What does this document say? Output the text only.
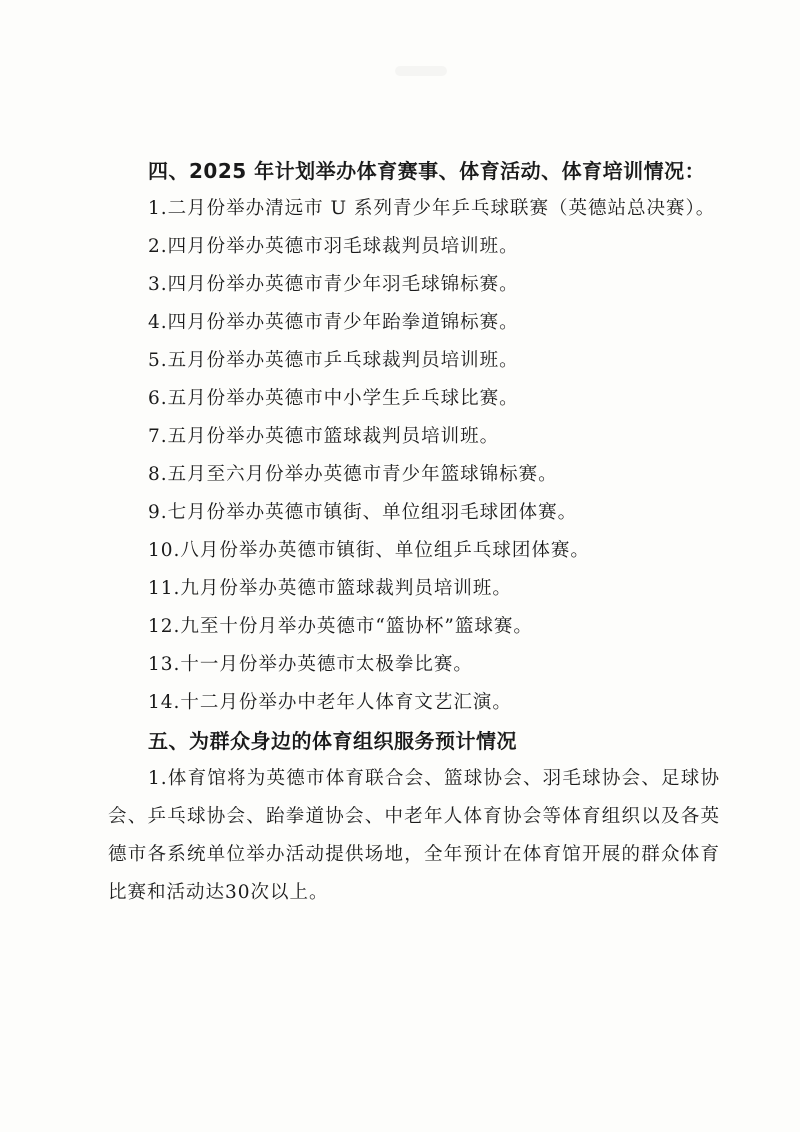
四、2025 年计划举办体育赛事、体育活动、体育培训情况：

1.二月份举办清远市 U 系列青少年乒乓球联赛（英德站总决赛）。

2.四月份举办英德市羽毛球裁判员培训班。

3.四月份举办英德市青少年羽毛球锦标赛。

4.四月份举办英德市青少年跆拳道锦标赛。

5.五月份举办英德市乒乓球裁判员培训班。

6.五月份举办英德市中小学生乒乓球比赛。

7.五月份举办英德市篮球裁判员培训班。

8.五月至六月份举办英德市青少年篮球锦标赛。

9.七月份举办英德市镇街、单位组羽毛球团体赛。

10.八月份举办英德市镇街、单位组乒乓球团体赛。

11.九月份举办英德市篮球裁判员培训班。

12.九至十份月举办英德市“篮协杯”篮球赛。

13.十一月份举办英德市太极拳比赛。

14.十二月份举办中老年人体育文艺汇演。

五、为群众身边的体育组织服务预计情况

1.体育馆将为英德市体育联合会、篮球协会、羽毛球协会、足球协会、乒乓球协会、跆拳道协会、中老年人体育协会等体育组织以及各英德市各系统单位举办活动提供场地，全年预计在体育馆开展的群众体育比赛和活动达30次以上。
